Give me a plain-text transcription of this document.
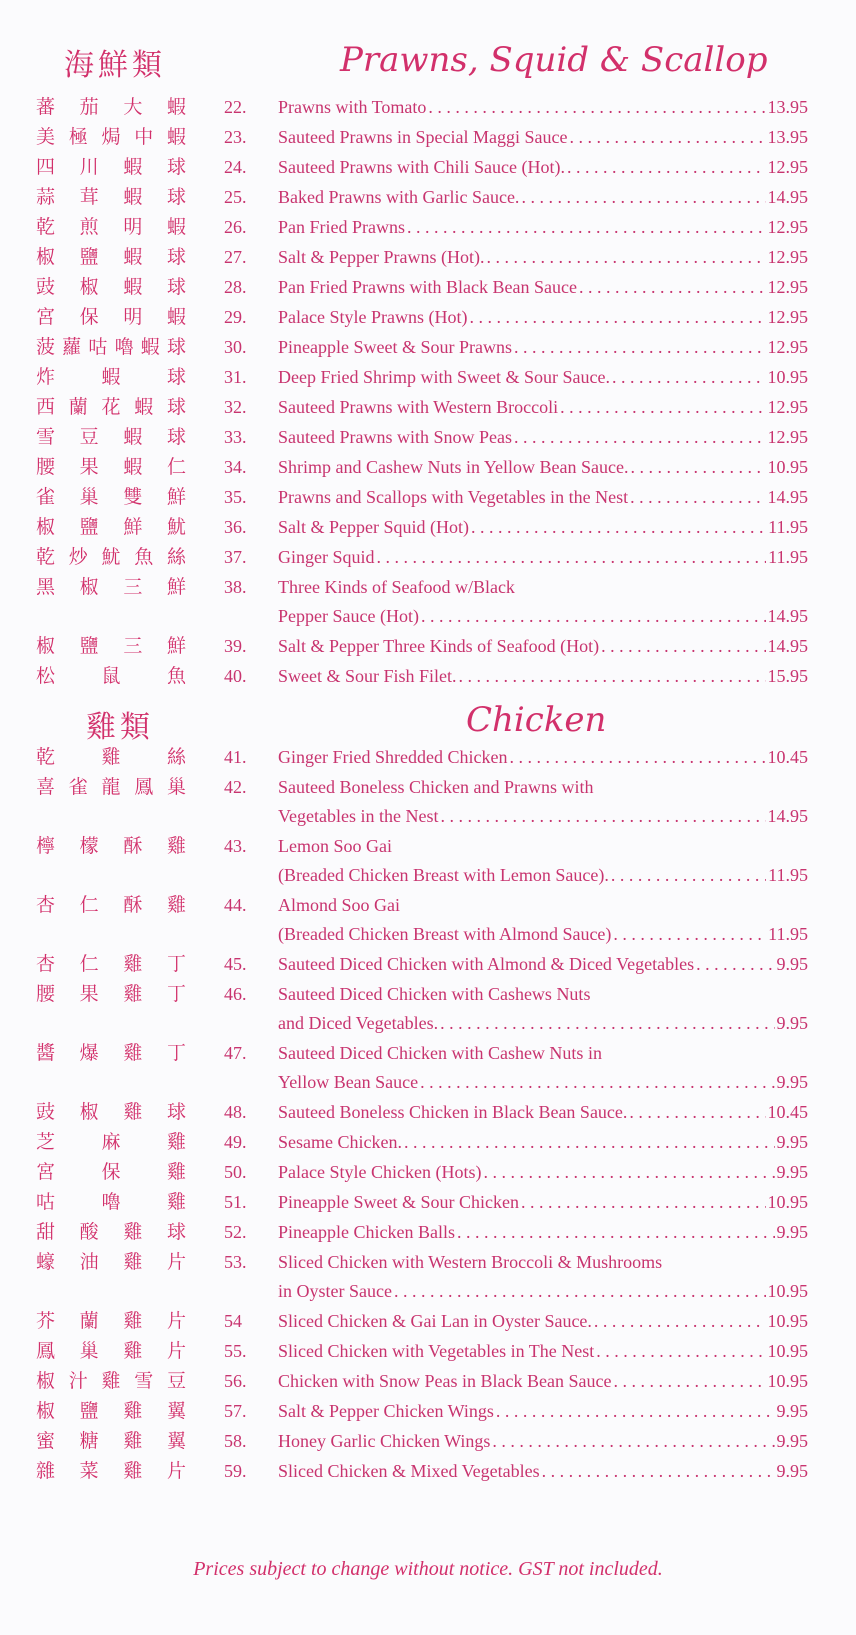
海鮮類	Prawns, Squid & Scallop
雞類	Chicken
蕃 茄 大 蝦 22.	Prawns with Tomato . . .	13.95
美 極 焗 中 蝦 23.	Sauteed Prawns in Special Maggi Sauce . . .	13.95
四 川 蝦 球 24.	Sauteed Prawns with Chili Sauce (Hot). . . .	12.95
蒜 茸 蝦 球 25.	Baked Prawns with Garlic Sauce. . . .	14.95
乾 煎 明 蝦 26.	Pan Fried Prawns . . .	12.95
椒 鹽 蝦 球 27.	Salt & Pepper Prawns (Hot). . . .	12.95
豉 椒 蝦 球 28.	Pan Fried Prawns with Black Bean Sauce . . .	12.95
宮 保 明 蝦 29.	Palace Style Prawns (Hot) . . .	12.95
菠 蘿 咕 嚕 蝦 球 30.	Pineapple Sweet & Sour Prawns . . .	12.95
炸 蝦 球 31.	Deep Fried Shrimp with Sweet & Sour Sauce. . . .	10.95
西 蘭 花 蝦 球 32.	Sauteed Prawns with Western Broccoli . . .	12.95
雪 豆 蝦 球 33.	Sauteed Prawns with Snow Peas . . .	12.95
腰 果 蝦 仁 34.	Shrimp and Cashew Nuts in Yellow Bean Sauce. . . .	10.95
雀 巢 雙 鮮 35.	Prawns and Scallops with Vegetables in the Nest . . .	14.95
椒 鹽 鮮 魷 36.	Salt & Pepper Squid (Hot) . . .	11.95
乾 炒 魷 魚 絲 37.	Ginger Squid . . .	11.95
黑 椒 三 鮮 38.	Three Kinds of Seafood w/Black
Pepper Sauce (Hot) . . .	14.95
椒 鹽 三 鮮 39.	Salt & Pepper Three Kinds of Seafood (Hot) . . .	14.95
松 鼠 魚 40.	Sweet & Sour Fish Filet. . . .	15.95
乾 雞 絲 41.	Ginger Fried Shredded Chicken . . .	10.45
喜 雀 龍 鳳 巢 42.	Sauteed Boneless Chicken and Prawns with
Vegetables in the Nest . . .	14.95
檸 檬 酥 雞 43.	Lemon Soo Gai
(Breaded Chicken Breast with Lemon Sauce). . . .	11.95
杏 仁 酥 雞 44.	Almond Soo Gai
(Breaded Chicken Breast with Almond Sauce) . . .	11.95
杏 仁 雞 丁 45.	Sauteed Diced Chicken with Almond & Diced Vegetables . . .	9.95
腰 果 雞 丁 46.	Sauteed Diced Chicken with Cashews Nuts
and Diced Vegetables. . . .	9.95
醬 爆 雞 丁 47.	Sauteed Diced Chicken with Cashew Nuts in
Yellow Bean Sauce . . .	9.95
豉 椒 雞 球 48.	Sauteed Boneless Chicken in Black Bean Sauce. . . .	10.45
芝 麻 雞 49.	Sesame Chicken. . . .	9.95
宮 保 雞 50.	Palace Style Chicken (Hots) . . .	9.95
咕 嚕 雞 51.	Pineapple Sweet & Sour Chicken . . .	10.95
甜 酸 雞 球 52.	Pineapple Chicken Balls . . .	9.95
蠔 油 雞 片 53.	Sliced Chicken with Western Broccoli & Mushrooms
in Oyster Sauce . . .	10.95
芥 蘭 雞 片 54	Sliced Chicken & Gai Lan in Oyster Sauce. . . .	10.95
鳳 巢 雞 片 55.	Sliced Chicken with Vegetables in The Nest . . .	10.95
椒 汁 雞 雪 豆 56.	Chicken with Snow Peas in Black Bean Sauce . . .	10.95
椒 鹽 雞 翼 57.	Salt & Pepper Chicken Wings . . .	9.95
蜜 糖 雞 翼 58.	Honey Garlic Chicken Wings . . .	9.95
雜 菜 雞 片 59.	Sliced Chicken & Mixed Vegetables . . .	9.95
Prices subject to change without notice. GST not included.
